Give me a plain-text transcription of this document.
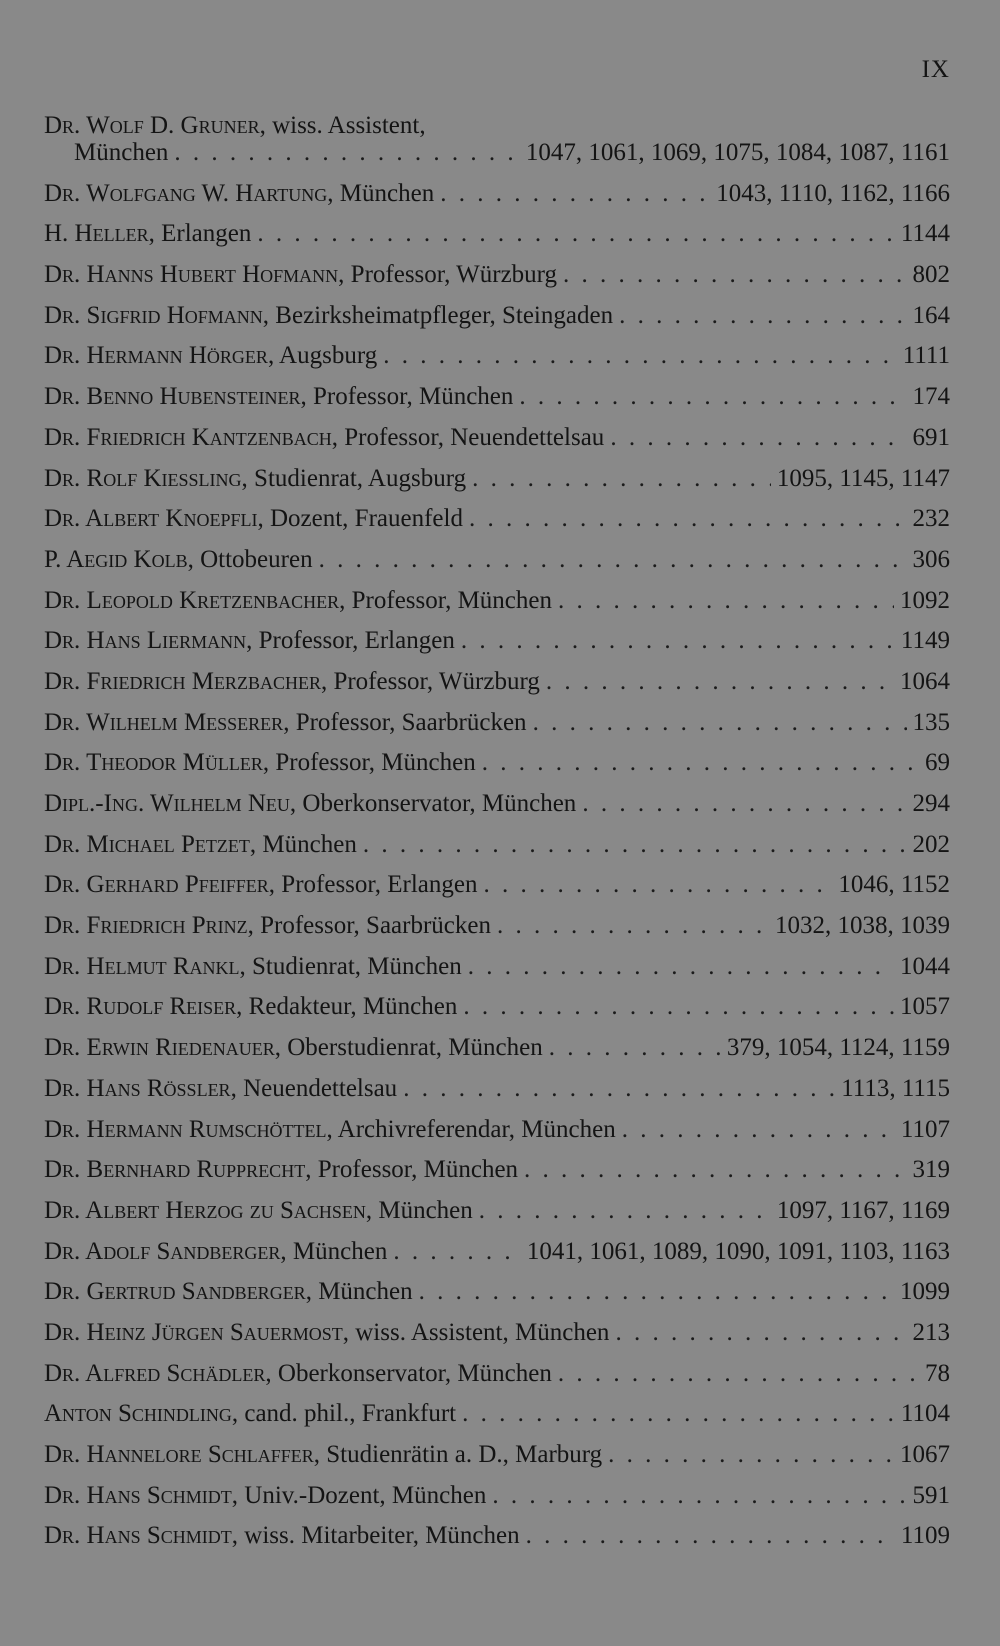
IX
Dr. Wolf D. Gruner , wiss. Assistent,
München . . .	1047, 1061, 1069, 1075, 1084, 1087, 1161
Dr. Wolfgang W. Hartung , München . . .	1043, 1110, 1162, 1166
H. Heller , Erlangen . . .	1144
Dr. Hanns Hubert Hofmann , Professor, Würzburg . . .	802
Dr. Sigfrid Hofmann , Bezirksheimatpfleger, Steingaden . . .	164
Dr. Hermann Hörger , Augsburg . . .	1111
Dr. Benno Hubensteiner , Professor, München . . .	174
Dr. Friedrich Kantzenbach , Professor, Neuendettelsau . . .	691
Dr. Rolf Kiessling , Studienrat, Augsburg . . .	1095, 1145, 1147
Dr. Albert Knoepfli , Dozent, Frauenfeld . . .	232
P. Aegid Kolb , Ottobeuren . . .	306
Dr. Leopold Kretzenbacher , Professor, München . . .	1092
Dr. Hans Liermann , Professor, Erlangen . . .	1149
Dr. Friedrich Merzbacher , Professor, Würzburg . . .	1064
Dr. Wilhelm Messerer , Professor, Saarbrücken . . .	135
Dr. Theodor Müller , Professor, München . . .	69
Dipl.-Ing. Wilhelm Neu , Oberkonservator, München . . .	294
Dr. Michael Petzet , München . . .	202
Dr. Gerhard Pfeiffer , Professor, Erlangen . . .	1046, 1152
Dr. Friedrich Prinz , Professor, Saarbrücken . . .	1032, 1038, 1039
Dr. Helmut Rankl , Studienrat, München . . .	1044
Dr. Rudolf Reiser , Redakteur, München . . .	1057
Dr. Erwin Riedenauer , Oberstudienrat, München . . .	379, 1054, 1124, 1159
Dr. Hans Rössler , Neuendettelsau . . .	1113, 1115
Dr. Hermann Rumschöttel , Archivreferendar, München . . .	1107
Dr. Bernhard Rupprecht , Professor, München . . .	319
Dr. Albert Herzog zu Sachsen , München . . .	1097, 1167, 1169
Dr. Adolf Sandberger , München . . .	1041, 1061, 1089, 1090, 1091, 1103, 1163
Dr. Gertrud Sandberger , München . . .	1099
Dr. Heinz Jürgen Sauermost , wiss. Assistent, München . . .	213
Dr. Alfred Schädler , Oberkonservator, München . . .	78
Anton Schindling , cand. phil., Frankfurt . . .	1104
Dr. Hannelore Schlaffer , Studienrätin a. D., Marburg . . .	1067
Dr. Hans Schmidt , Univ.-Dozent, München . . .	591
Dr. Hans Schmidt , wiss. Mitarbeiter, München . . .	1109
